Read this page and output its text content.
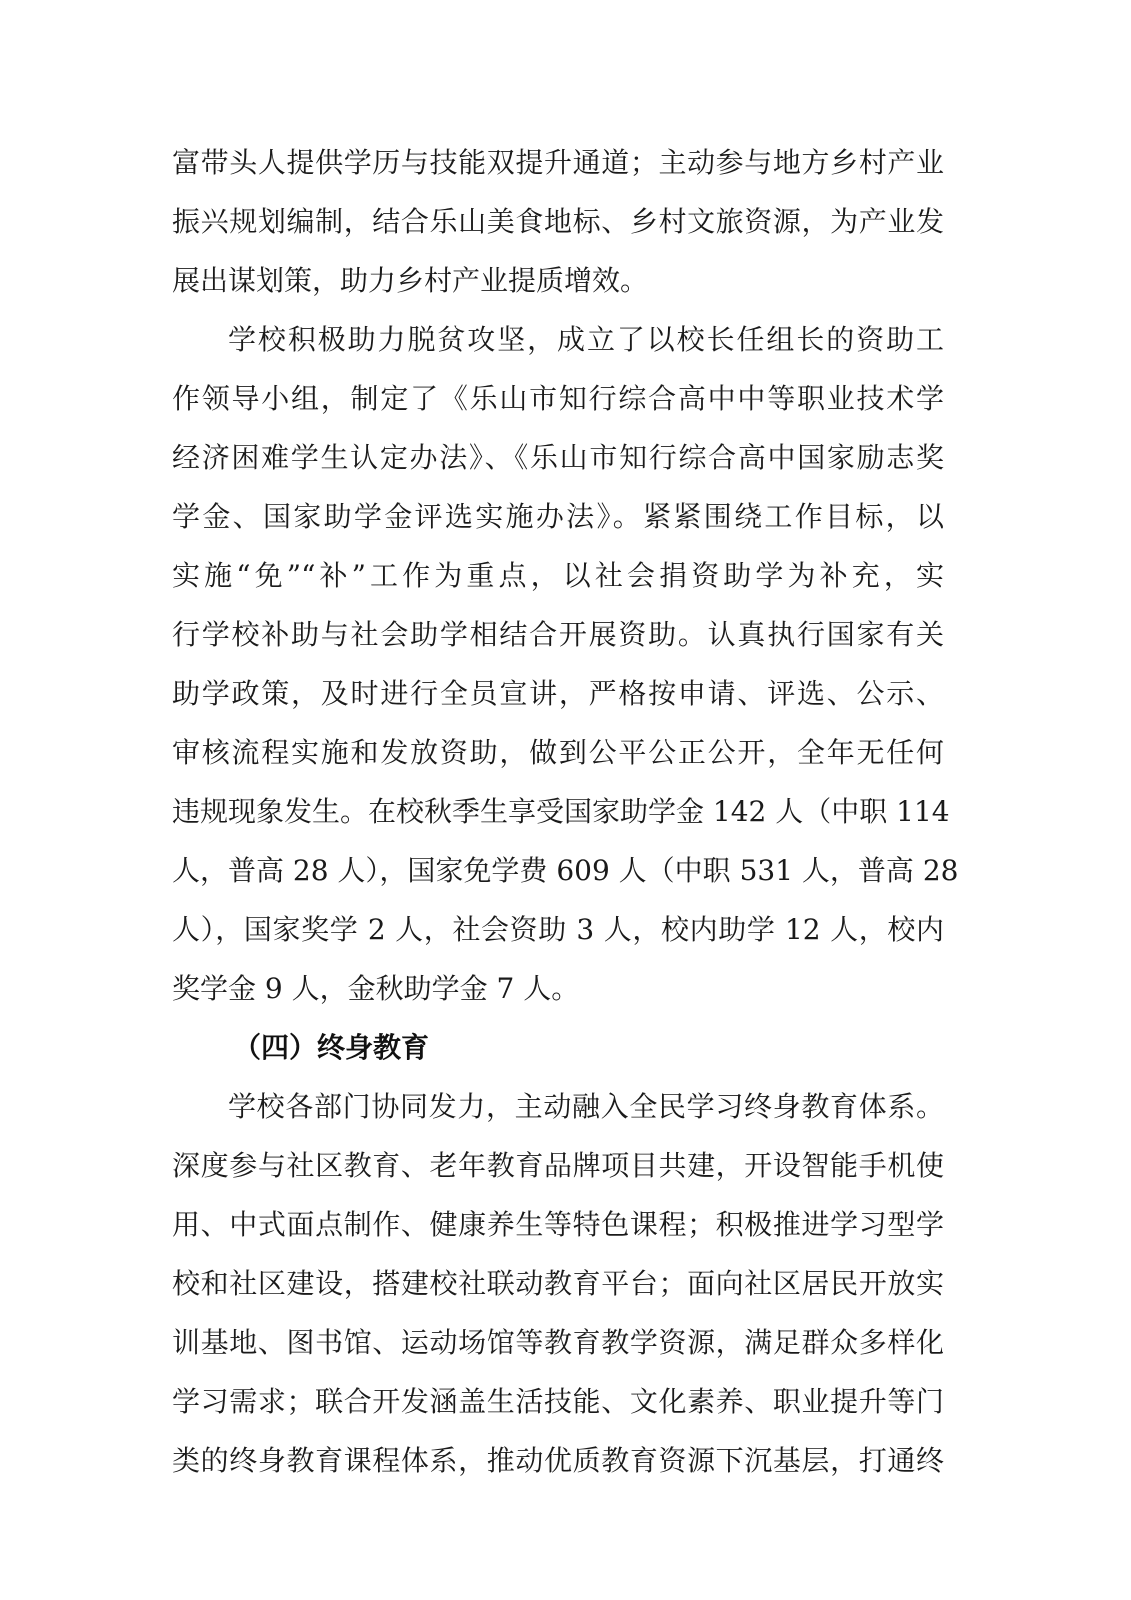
富带头人提供学历与技能双提升通道；主动参与地方乡村产业
振兴规划编制，结合乐山美食地标、乡村文旅资源，为产业发
展出谋划策，助力乡村产业提质增效。
学校积极助力脱贫攻坚，成立了以校长任组长的资助工
作领导小组，制定了《乐山市知行综合高中中等职业技术学
经济困难学生认定办法》、《乐山市知行综合高中国家励志奖
学金、国家助学金评选实施办法》。紧紧围绕工作目标，以
实施“免”“补”工作为重点，以社会捐资助学为补充，实
行学校补助与社会助学相结合开展资助。认真执行国家有关
助学政策，及时进行全员宣讲，严格按申请、评选、公示、
审核流程实施和发放资助，做到公平公正公开，全年无任何
违规现象发生。在校秋季生享受国家助学金 142 人（中职 114
人，普高 28 人），国家免学费 609 人（中职 531 人，普高 28
人），国家奖学 2 人，社会资助 3 人，校内助学 12 人，校内
奖学金 9 人，金秋助学金 7 人。
（四）终身教育
学校各部门协同发力，主动融入全民学习终身教育体系。
深度参与社区教育、老年教育品牌项目共建，开设智能手机使
用、中式面点制作、健康养生等特色课程；积极推进学习型学
校和社区建设，搭建校社联动教育平台；面向社区居民开放实
训基地、图书馆、运动场馆等教育教学资源，满足群众多样化
学习需求；联合开发涵盖生活技能、文化素养、职业提升等门
类的终身教育课程体系，推动优质教育资源下沉基层，打通终
